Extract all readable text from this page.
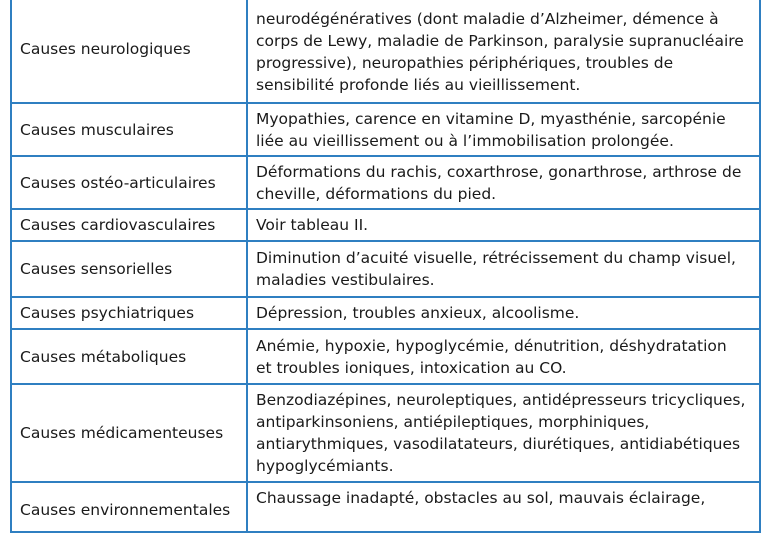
Causes neurologiques	neurodégénératives (dont maladie d’Alzheimer, démence à
corps de Lewy, maladie de Parkinson, paralysie supranucléaire
progressive), neuropathies périphériques, troubles de
sensibilité profonde liés au vieillissement.

Causes musculaires	Myopathies, carence en vitamine D, myasthénie, sarcopénie
liée au vieillissement ou à l’immobilisation prolongée.

Causes ostéo-articulaires	Déformations du rachis, coxarthrose, gonarthrose, arthrose de
cheville, déformations du pied.

Causes cardiovasculaires	Voir tableau II.

Causes sensorielles	Diminution d’acuité visuelle, rétrécissement du champ visuel,
maladies vestibulaires.

Causes psychiatriques	Dépression, troubles anxieux, alcoolisme.

Causes métaboliques	Anémie, hypoxie, hypoglycémie, dénutrition, déshydratation
et troubles ioniques, intoxication au CO.

Causes médicamenteuses	Benzodiazépines, neuroleptiques, antidépresseurs tricycliques,
antiparkinsoniens, antiépileptiques, morphiniques,
antiarythmiques, vasodilatateurs, diurétiques, antidiabétiques
hypoglycémiants.

Causes environnementales	Chaussage inadapté, obstacles au sol, mauvais éclairage,
